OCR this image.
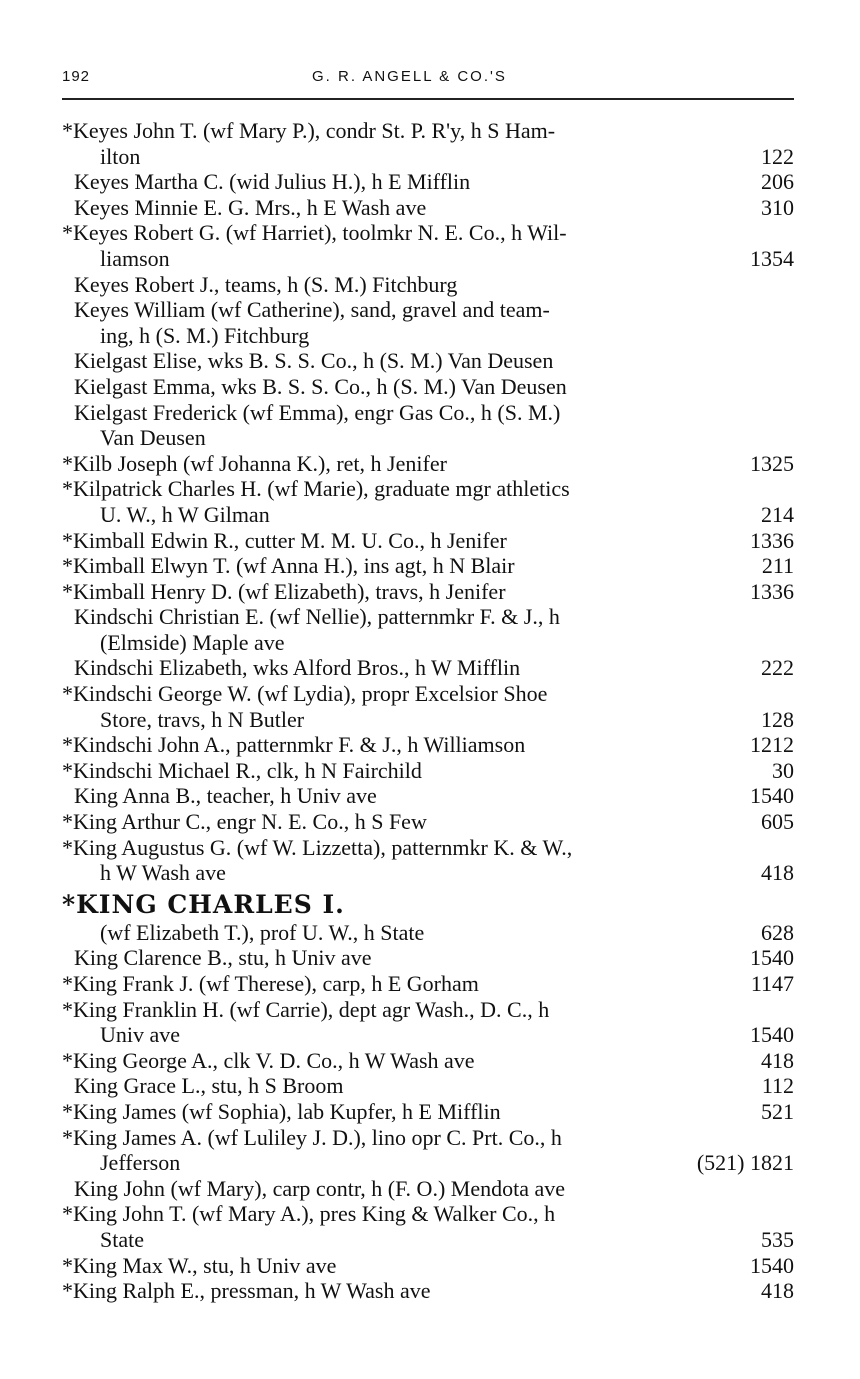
192	G. R. ANGELL & CO.'S
*Keyes John T. (wf Mary P.), condr St. P. R'y, h S Ham-
ilton	122
Keyes Martha C. (wid Julius H.), h E Mifflin	206
Keyes Minnie E. G. Mrs., h E Wash ave	310
*Keyes Robert G. (wf Harriet), toolmkr N. E. Co., h Wil-
liamson	1354
Keyes Robert J., teams, h (S. M.) Fitchburg
Keyes William (wf Catherine), sand, gravel and team-
ing, h (S. M.) Fitchburg
Kielgast Elise, wks B. S. S. Co., h (S. M.) Van Deusen
Kielgast Emma, wks B. S. S. Co., h (S. M.) Van Deusen
Kielgast Frederick (wf Emma), engr Gas Co., h (S. M.)
Van Deusen
*Kilb Joseph (wf Johanna K.), ret, h Jenifer	1325
*Kilpatrick Charles H. (wf Marie), graduate mgr athletics
U. W., h W Gilman	214
*Kimball Edwin R., cutter M. M. U. Co., h Jenifer	1336
*Kimball Elwyn T. (wf Anna H.), ins agt, h N Blair	211
*Kimball Henry D. (wf Elizabeth), travs, h Jenifer	1336
Kindschi Christian E. (wf Nellie), patternmkr F. & J., h
(Elmside) Maple ave
Kindschi Elizabeth, wks Alford Bros., h W Mifflin	222
*Kindschi George W. (wf Lydia), propr Excelsior Shoe
Store, travs, h N Butler	128
*Kindschi John A., patternmkr F. & J., h Williamson	1212
*Kindschi Michael R., clk, h N Fairchild	30
King Anna B., teacher, h Univ ave	1540
*King Arthur C., engr N. E. Co., h S Few	605
*King Augustus G. (wf W. Lizzetta), patternmkr K. & W.,
h W Wash ave	418
*KING CHARLES I.
(wf Elizabeth T.), prof U. W., h State	628
King Clarence B., stu, h Univ ave	1540
*King Frank J. (wf Therese), carp, h E Gorham	1147
*King Franklin H. (wf Carrie), dept agr Wash., D. C., h
Univ ave	1540
*King George A., clk V. D. Co., h W Wash ave	418
King Grace L., stu, h S Broom	112
*King James (wf Sophia), lab Kupfer, h E Mifflin	521
*King James A. (wf Luliley J. D.), lino opr C. Prt. Co., h
Jefferson	(521) 1821
King John (wf Mary), carp contr, h (F. O.) Mendota ave
*King John T. (wf Mary A.), pres King & Walker Co., h
State	535
*King Max W., stu, h Univ ave	1540
*King Ralph E., pressman, h W Wash ave	418
